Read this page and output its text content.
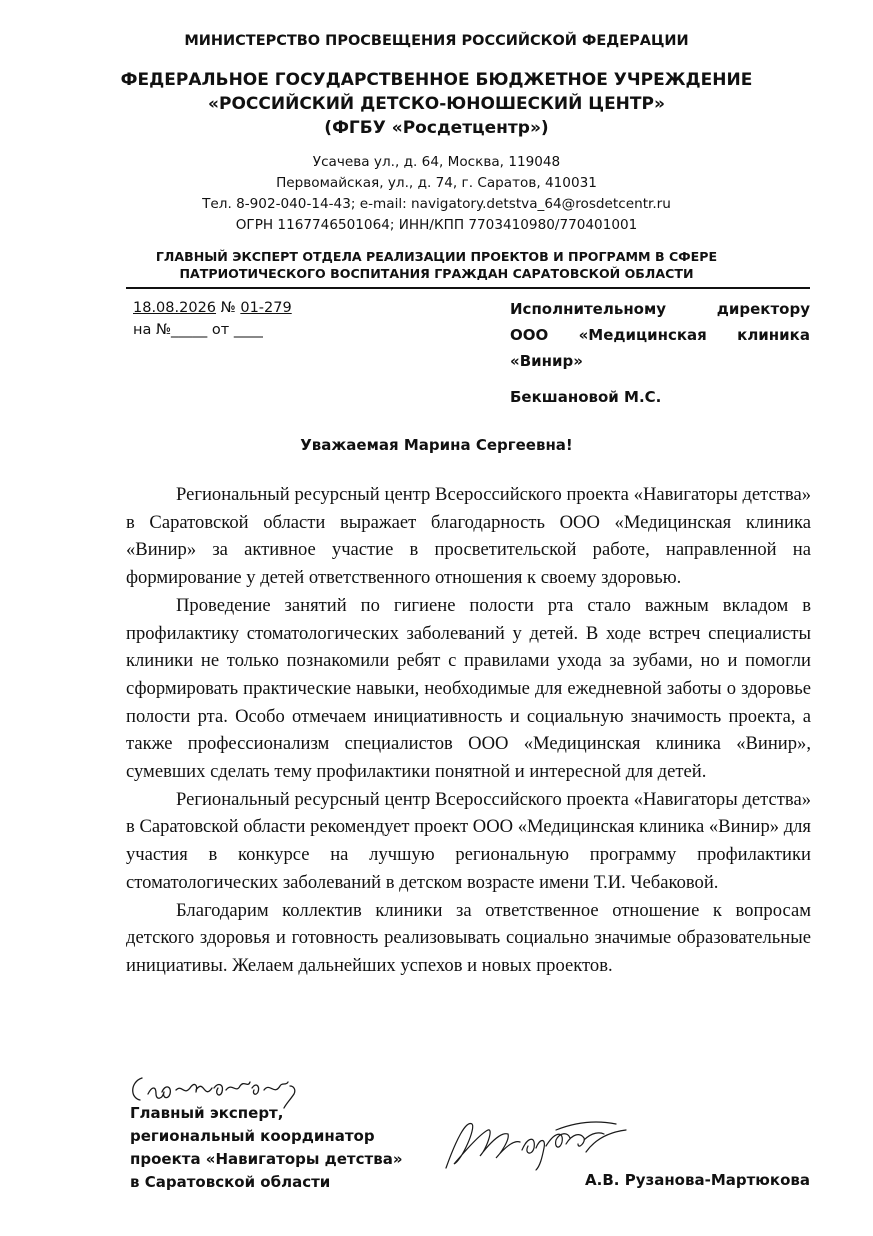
МИНИСТЕРСТВО ПРОСВЕЩЕНИЯ РОССИЙСКОЙ ФЕДЕРАЦИИ
ФЕДЕРАЛЬНОЕ ГОСУДАРСТВЕННОЕ БЮДЖЕТНОЕ УЧРЕЖДЕНИЕ
«РОССИЙСКИЙ ДЕТСКО-ЮНОШЕСКИЙ ЦЕНТР»
(ФГБУ «Росдетцентр»)
Усачева ул., д. 64, Москва, 119048
Первомайская, ул., д. 74, г. Саратов, 410031
Тел. 8-902-040-14-43; e-mail: navigatory.detstva_64@rosdetcentr.ru
ОГРН 1167746501064; ИНН/КПП 7703410980/770401001
ГЛАВНЫЙ ЭКСПЕРТ ОТДЕЛА РЕАЛИЗАЦИИ ПРОЕКТОВ И ПРОГРАММ В СФЕРЕ
ПАТРИОТИЧЕСКОГО ВОСПИТАНИЯ ГРАЖДАН САРАТОВСКОЙ ОБЛАСТИ
18.08.2026 № 01-279
на №_____ от ____
Исполнительному директору
ООО «Медицинская клиника
«Винир»
Бекшановой М.С.
Уважаемая Марина Сергеевна!

Региональный ресурсный центр Всероссийского проекта «Навигаторы детства» в Саратовской области выражает благодарность ООО «Медицинская клиника «Винир» за активное участие в просветительской работе, направленной на формирование у детей ответственного отношения к своему здоровью.

Проведение занятий по гигиене полости рта стало важным вкладом в профилактику стоматологических заболеваний у детей. В ходе встреч специалисты клиники не только познакомили ребят с правилами ухода за зубами, но и помогли сформировать практические навыки, необходимые для ежедневной заботы о здоровье полости рта. Особо отмечаем инициативность и социальную значимость проекта, а также профессионализм специалистов ООО «Медицинская клиника «Винир», сумевших сделать тему профилактики понятной и интересной для детей.

Региональный ресурсный центр Всероссийского проекта «Навигаторы детства» в Саратовской области рекомендует проект ООО «Медицинская клиника «Винир» для участия в конкурсе на лучшую региональную программу профилактики стоматологических заболеваний в детском возрасте имени Т.И. Чебаковой.

Благодарим коллектив клиники за ответственное отношение к вопросам детского здоровья и готовность реализовывать социально значимые образовательные инициативы. Желаем дальнейших успехов и новых проектов.

Главный эксперт,
региональный координатор
проекта «Навигаторы детства»
в Саратовской области	А.В. Рузанова-Мартюкова
